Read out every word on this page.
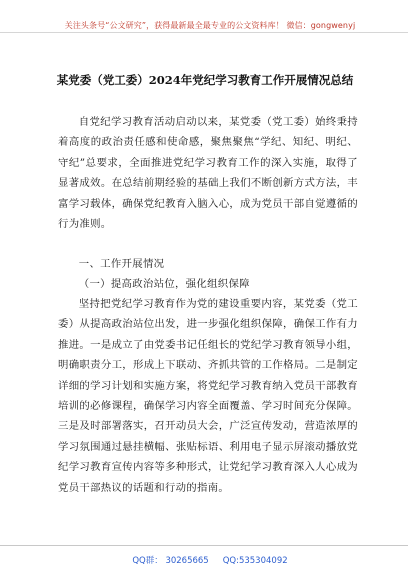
关注头条号“公文研究”，获得最新最全最专业的公文资料库！ 微信：gongwenyj
某党委（党工委）2024年党纪学习教育工作开展情况总结

自党纪学习教育活动启动以来，某党委（党工委）始终秉持着高度的政治责任感和使命感，聚焦聚焦“学纪、知纪、明纪、守纪”总要求，全面推进党纪学习教育工作的深入实施，取得了显著成效。在总结前期经验的基础上我们不断创新方式方法，丰富学习载体，确保党纪教育入脑入心，成为党员干部自觉遵循的行为准则。

一、工作开展情况
（一）提高政治站位，强化组织保障

坚持把党纪学习教育作为党的建设重要内容，某党委（党工委）从提高政治站位出发，进一步强化组织保障，确保工作有力推进。一是成立了由党委书记任组长的党纪学习教育领导小组，明确职责分工，形成上下联动、齐抓共管的工作格局。二是制定详细的学习计划和实施方案，将党纪学习教育纳入党员干部教育培训的必修课程，确保学习内容全面覆盖、学习时间充分保障。三是及时部署落实，召开动员大会，广泛宣传发动，营造浓厚的学习氛围通过悬挂横幅、张贴标语、利用电子显示屏滚动播放党纪学习教育宣传内容等多种形式，让党纪学习教育深入人心成为党员干部热议的话题和行动的指南。

QQ群： 30265665 QQ:535304092
